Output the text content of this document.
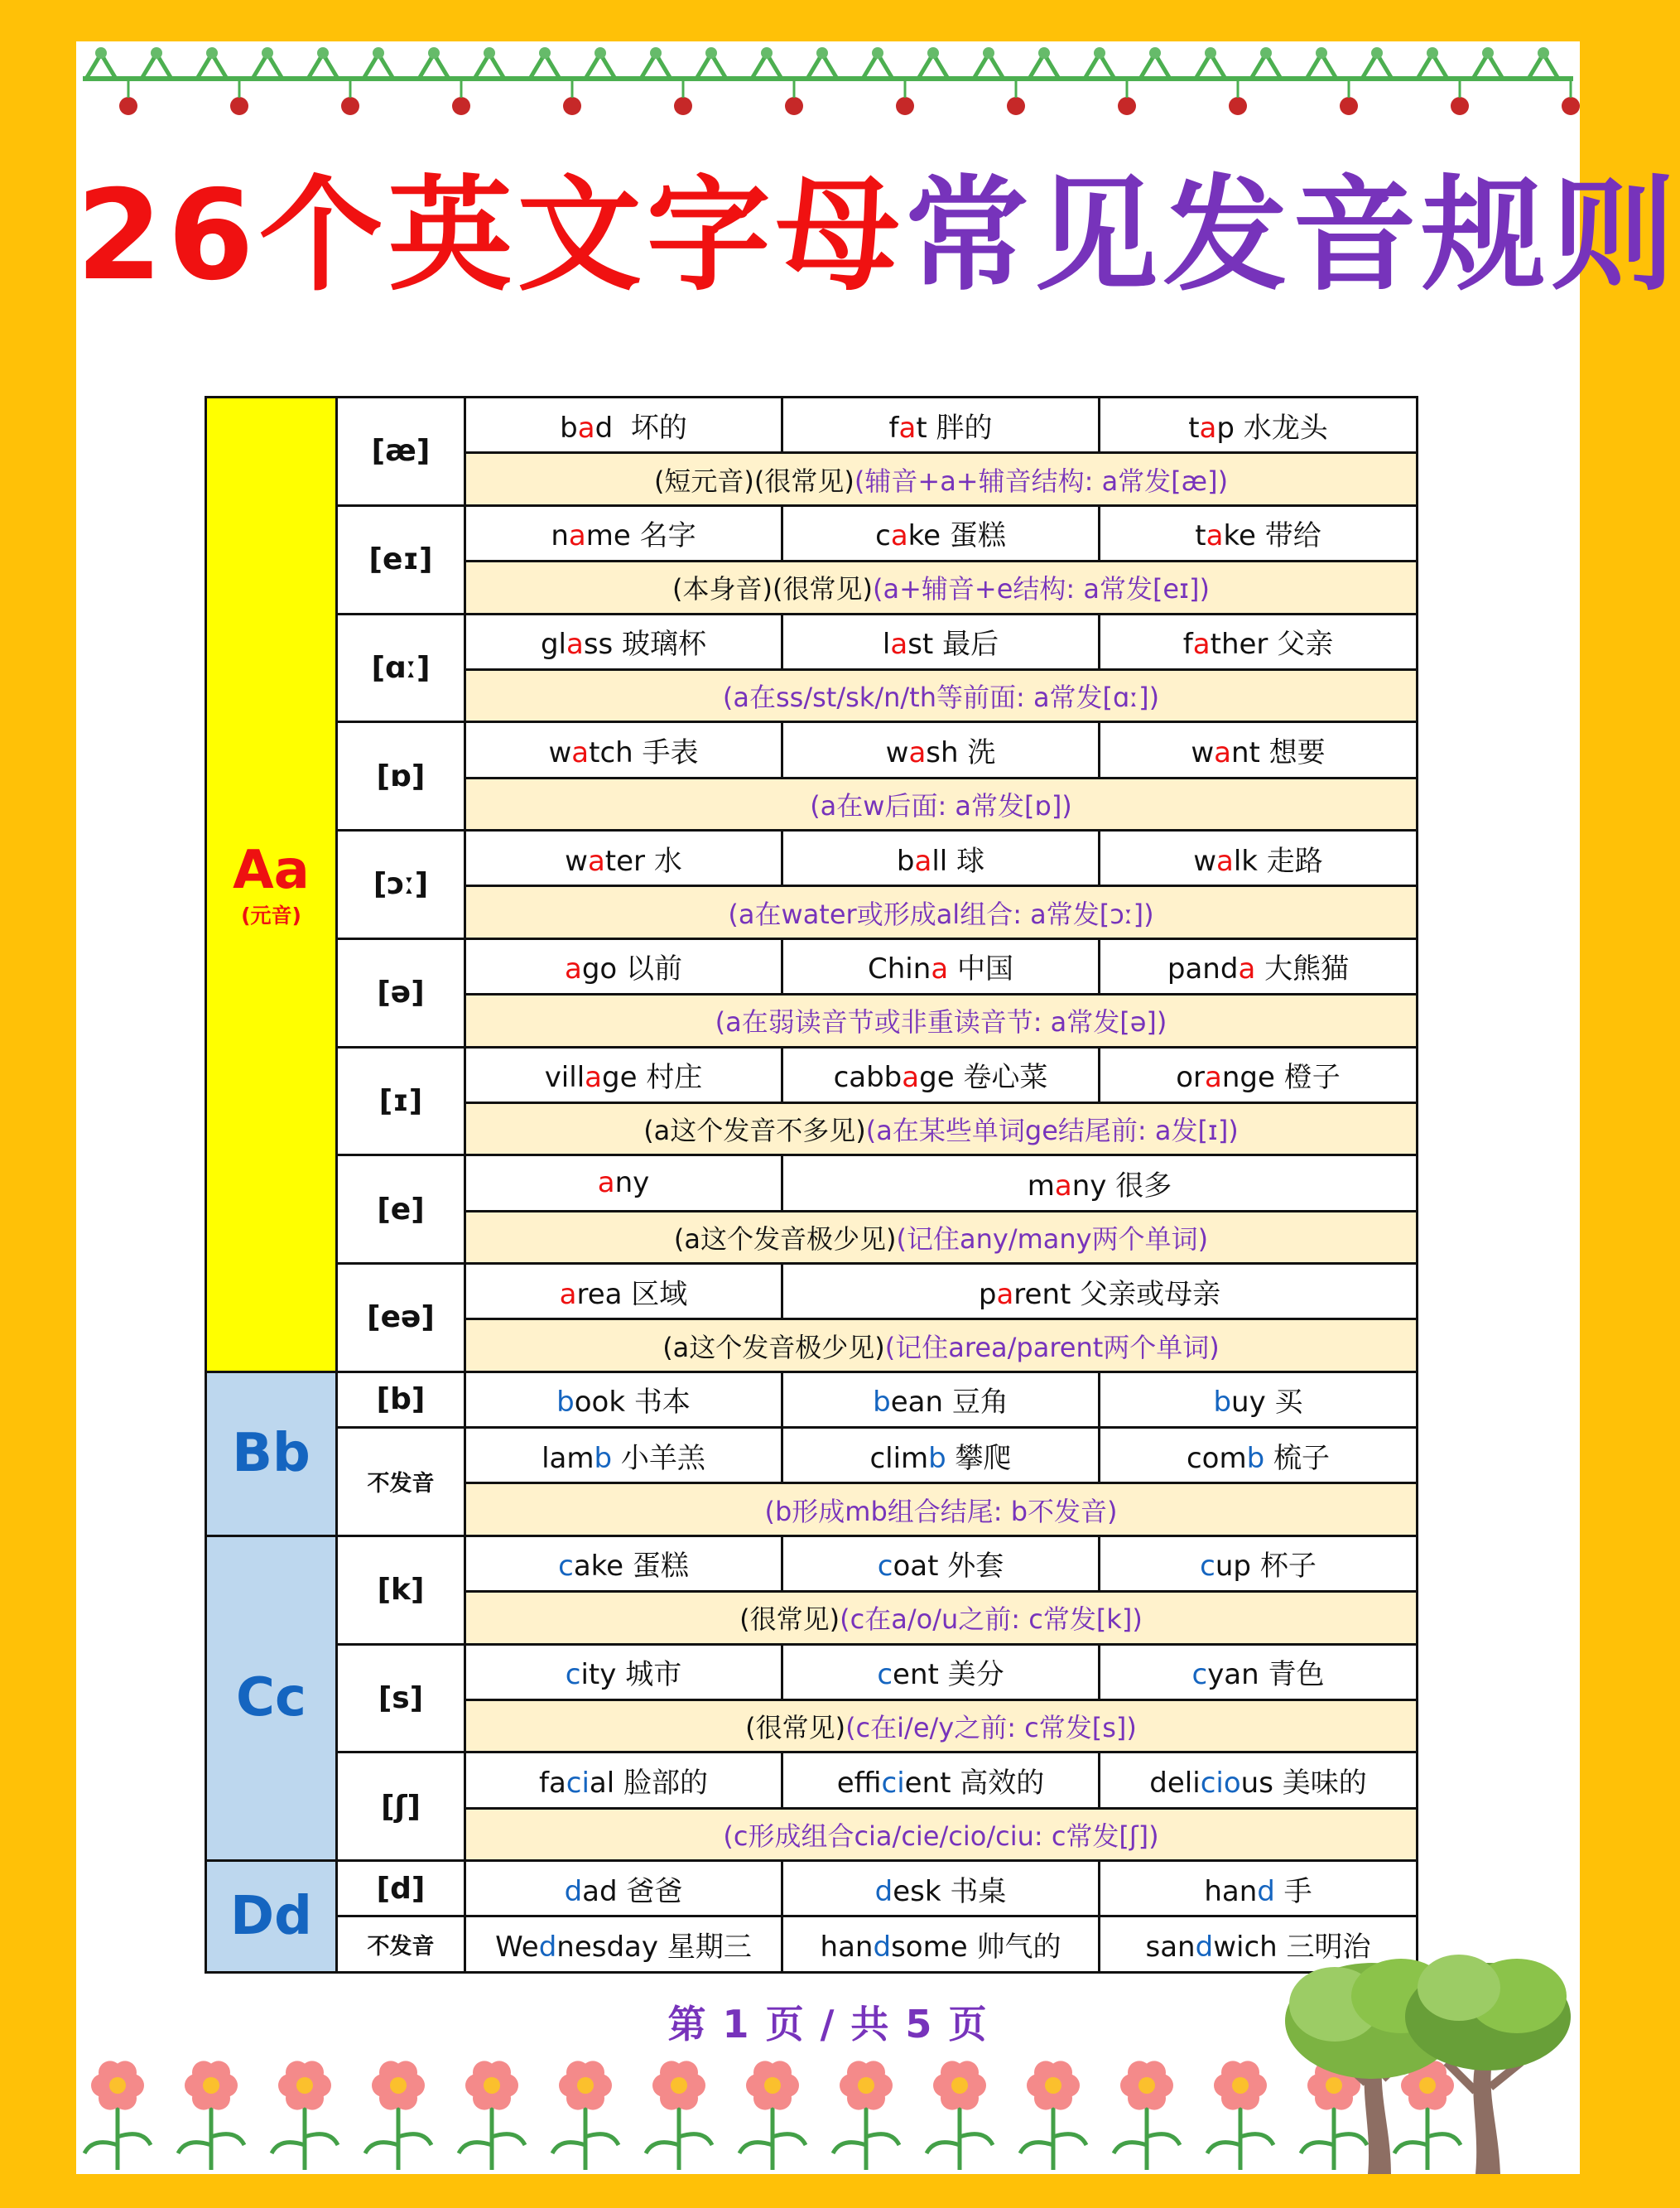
26个英文字母常见发音规则
Aa
(元音)	[æ]	bad  坏的	fat 胖的	tap 水龙头
		(短元音)(很常见)(辅音+a+辅音结构: a常发[æ])		
	[eɪ]	name 名字	cake 蛋糕	take 带给
		(本身音)(很常见)(a+辅音+e结构: a常发[eɪ])		
	[ɑː]	glass 玻璃杯	last 最后	father 父亲
		(a在ss/st/sk/n/th等前面: a常发[ɑː])		
	[ɒ]	watch 手表	wash 洗	want 想要
		(a在w后面: a常发[ɒ])		
	[ɔː]	water 水	ball 球	walk 走路
		(a在water或形成al组合: a常发[ɔː])		
	[ə]	ago 以前	China 中国	panda 大熊猫
		(a在弱读音节或非重读音节: a常发[ə])		
	[ɪ]	village 村庄	cabbage 卷心菜	orange 橙子
		(a这个发音不多见)(a在某些单词ge结尾前: a发[ɪ])		
	[e]	any	many 很多	
		(a这个发音极少见)(记住any/many两个单词)		
	[eə]	area 区域	parent 父亲或母亲	
		(a这个发音极少见)(记住area/parent两个单词)		
Bb	[b]	book 书本	bean 豆角	buy 买
	不发音	lamb 小羊羔	climb 攀爬	comb 梳子
		(b形成mb组合结尾: b不发音)		
Cc	[k]	cake 蛋糕	coat 外套	cup 杯子
		(很常见)(c在a/o/u之前: c常发[k])		
	[s]	city 城市	cent 美分	cyan 青色
		(很常见)(c在i/e/y之前: c常发[s])		
	[ʃ]	facial 脸部的	efficient 高效的	delicious 美味的
		(c形成组合cia/cie/cio/ciu: c常发[ʃ])		
Dd	[d]	dad 爸爸	desk 书桌	hand 手
	不发音	Wednesday 星期三	handsome 帅气的	sandwich 三明治
第 1 页 / 共 5 页
